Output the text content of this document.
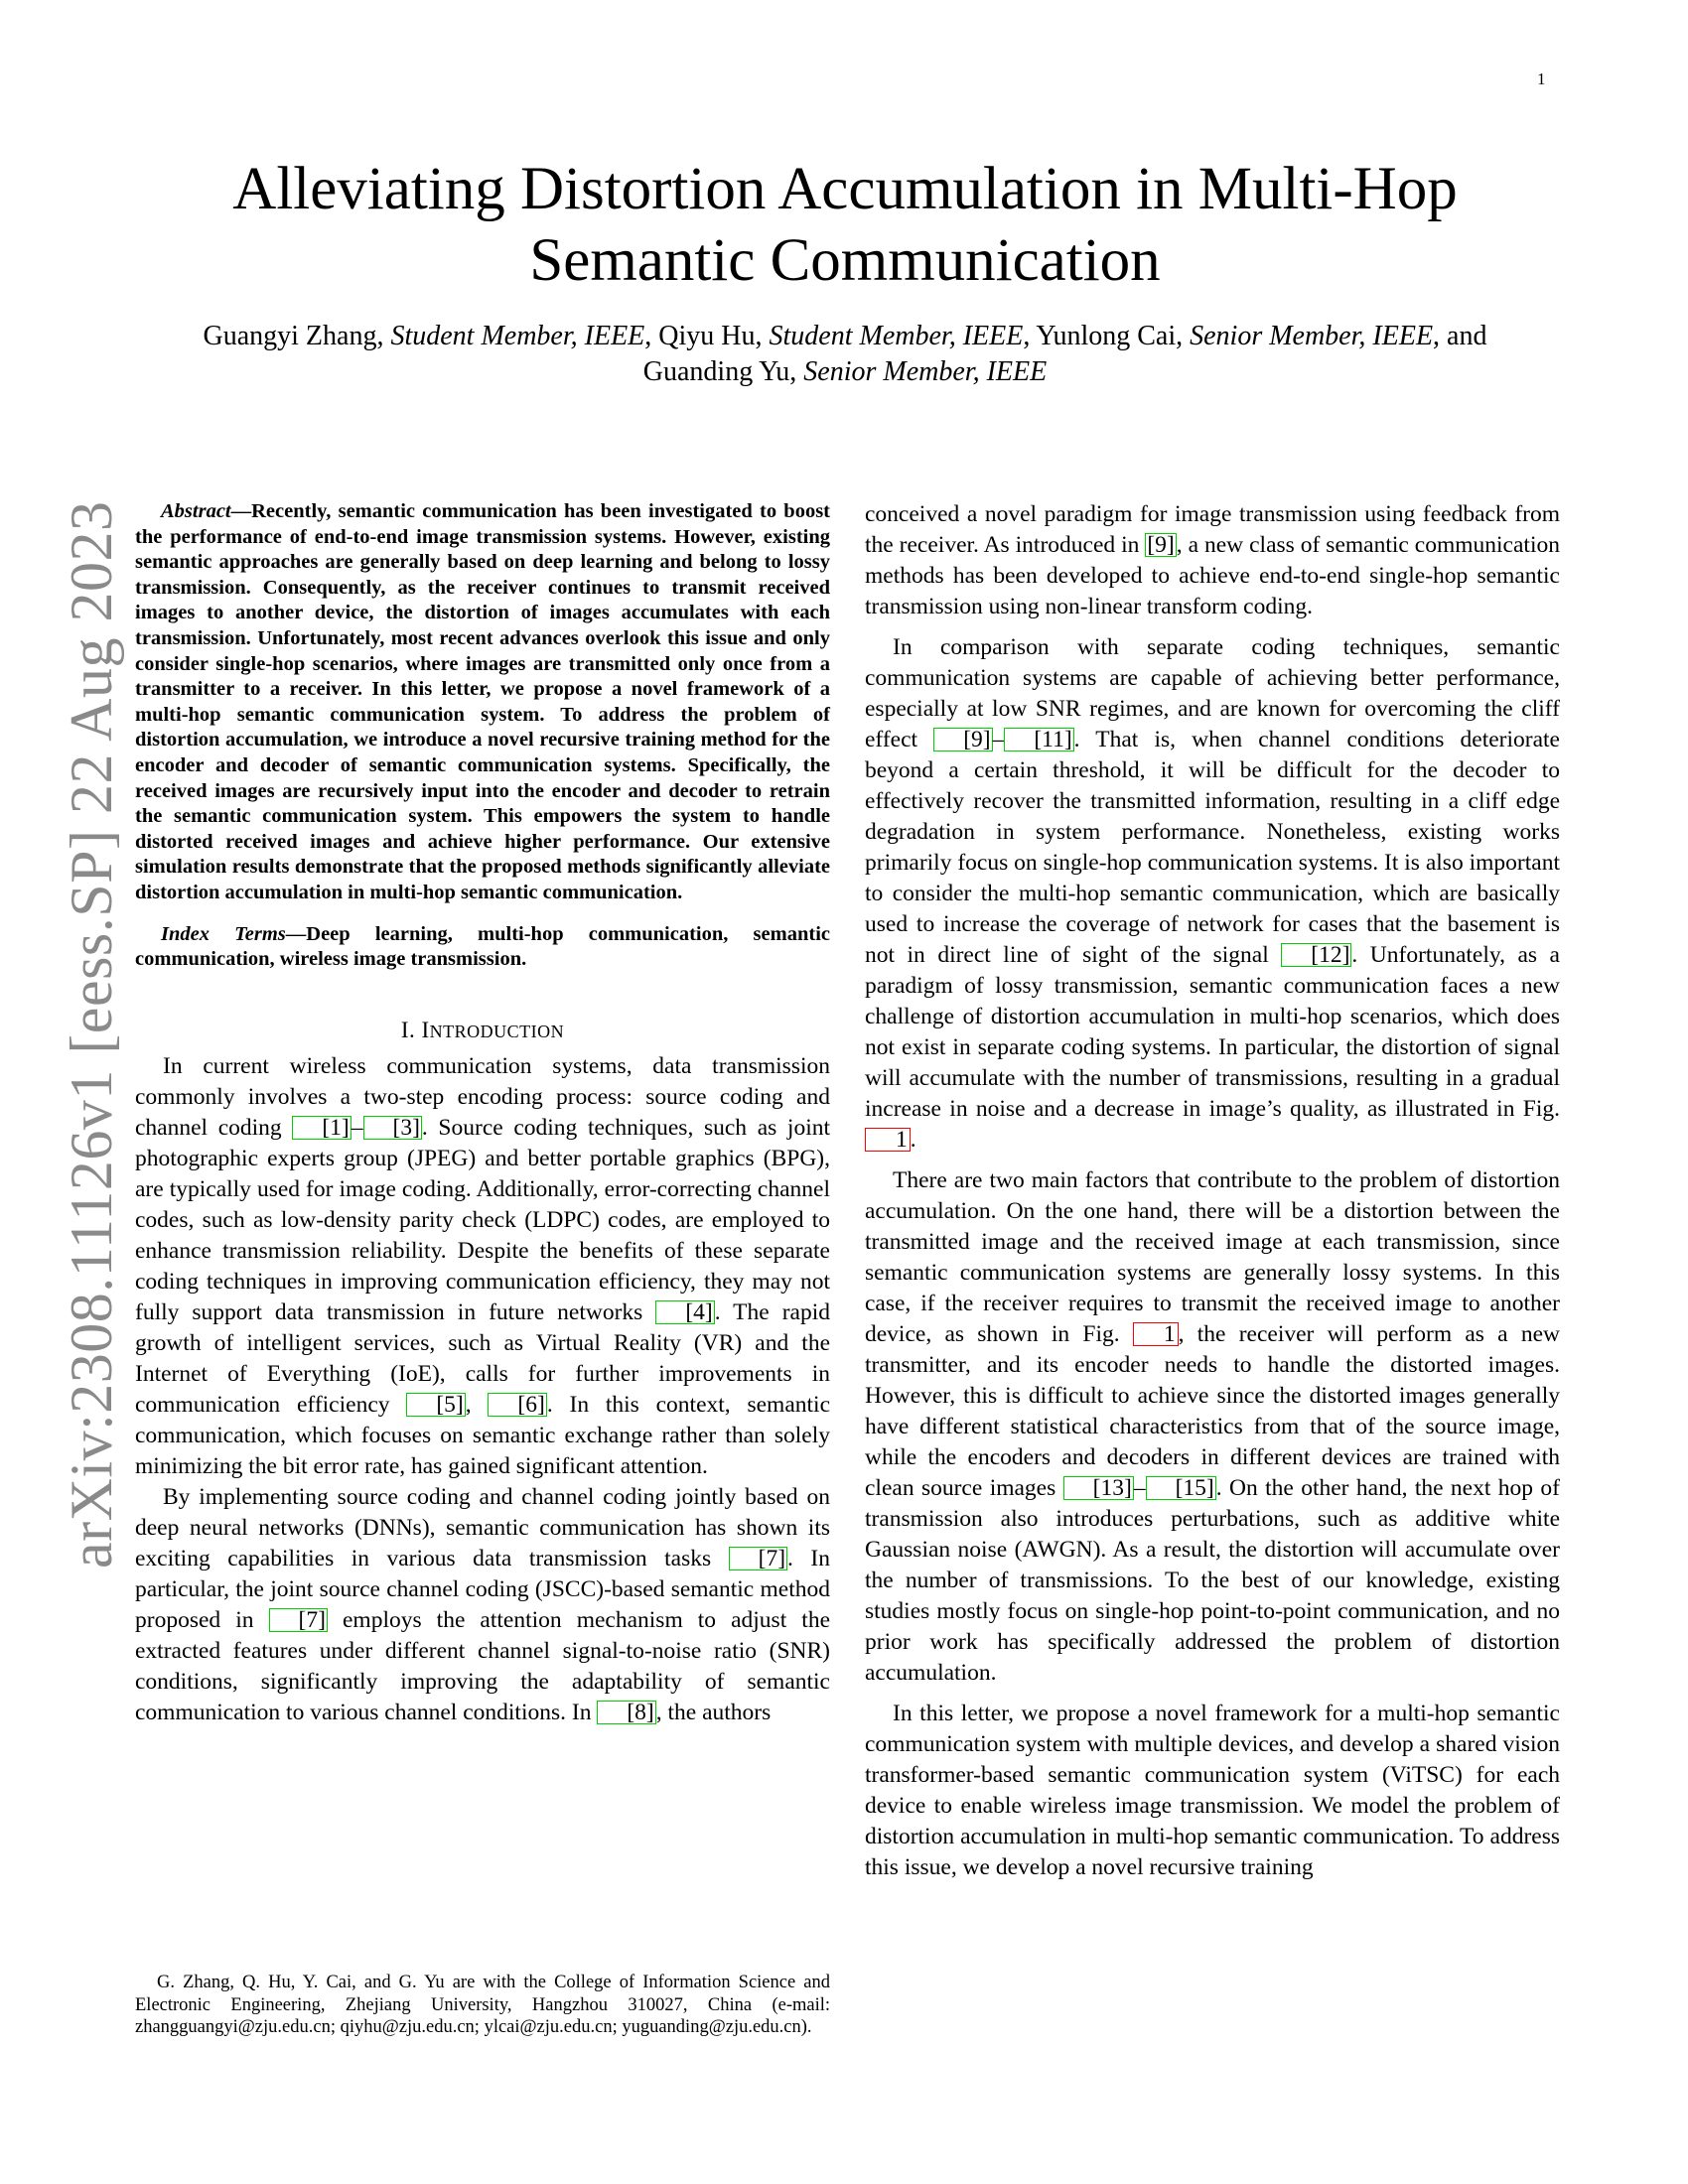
1
arXiv:2308.11126v1 [eess.SP] 22 Aug 2023
Alleviating Distortion Accumulation in Multi-Hop
Semantic Communication
Guangyi Zhang, Student Member, IEEE, Qiyu Hu, Student Member, IEEE, Yunlong Cai, Senior Member, IEEE, and Guanding Yu, Senior Member, IEEE

Abstract—Recently, semantic communication has been investigated to boost the performance of end-to-end image transmission systems. However, existing semantic approaches are generally based on deep learning and belong to lossy transmission. Consequently, as the receiver continues to transmit received images to another device, the distortion of images accumulates with each transmission. Unfortunately, most recent advances overlook this issue and only consider single-hop scenarios, where images are transmitted only once from a transmitter to a receiver. In this letter, we propose a novel framework of a multi-hop semantic communication system. To address the problem of distortion accumulation, we introduce a novel recursive training method for the encoder and decoder of semantic communication systems. Specifically, the received images are recursively input into the encoder and decoder to retrain the semantic communication system. This empowers the system to handle distorted received images and achieve higher performance. Our extensive simulation results demonstrate that the proposed methods significantly alleviate distortion accumulation in multi-hop semantic communication.

Index Terms—Deep learning, multi-hop communication, semantic communication, wireless image transmission.

I. INTRODUCTION

In current wireless communication systems, data transmission commonly involves a two-step encoding process: source coding and channel coding [1]– [3]. Source coding techniques, such as joint photographic experts group (JPEG) and better portable graphics (BPG), are typically used for image coding. Additionally, error-correcting channel codes, such as low-density parity check (LDPC) codes, are employed to enhance transmission reliability. Despite the benefits of these separate coding techniques in improving communication efficiency, they may not fully support data transmission in future networks [4]. The rapid growth of intelligent services, such as Virtual Reality (VR) and the Internet of Everything (IoE), calls for further improvements in communication efficiency [5], [6]. In this context, semantic communication, which focuses on semantic exchange rather than solely minimizing the bit error rate, has gained significant attention.

By implementing source coding and channel coding jointly based on deep neural networks (DNNs), semantic communication has shown its exciting capabilities in various data transmission tasks [7]. In particular, the joint source channel coding (JSCC)-based semantic method proposed in [7] employs the attention mechanism to adjust the extracted features under different channel signal-to-noise ratio (SNR) conditions, significantly improving the adaptability of semantic communication to various channel conditions. In [8], the authors

conceived a novel paradigm for image transmission using feedback from the receiver. As introduced in [9], a new class of semantic communication methods has been developed to achieve end-to-end single-hop semantic transmission using non-linear transform coding.

In comparison with separate coding techniques, semantic communication systems are capable of achieving better performance, especially at low SNR regimes, and are known for overcoming the cliff effect [9]– [11]. That is, when channel conditions deteriorate beyond a certain threshold, it will be difficult for the decoder to effectively recover the transmitted information, resulting in a cliff edge degradation in system performance. Nonetheless, existing works primarily focus on single-hop communication systems. It is also important to consider the multi-hop semantic communication, which are basically used to increase the coverage of network for cases that the basement is not in direct line of sight of the signal [12]. Unfortunately, as a paradigm of lossy transmission, semantic communication faces a new challenge of distortion accumulation in multi-hop scenarios, which does not exist in separate coding systems. In particular, the distortion of signal will accumulate with the number of transmissions, resulting in a gradual increase in noise and a decrease in image’s quality, as illustrated in Fig. 1 .

There are two main factors that contribute to the problem of distortion accumulation. On the one hand, there will be a distortion between the transmitted image and the received image at each transmission, since semantic communication systems are generally lossy systems. In this case, if the receiver requires to transmit the received image to another device, as shown in Fig. 1 , the receiver will perform as a new transmitter, and its encoder needs to handle the distorted images. However, this is difficult to achieve since the distorted images generally have different statistical characteristics from that of the source image, while the encoders and decoders in different devices are trained with clean source images [13]– [15]. On the other hand, the next hop of transmission also introduces perturbations, such as additive white Gaussian noise (AWGN). As a result, the distortion will accumulate over the number of transmissions. To the best of our knowledge, existing studies mostly focus on single-hop point-to-point communication, and no prior work has specifically addressed the problem of distortion accumulation.

In this letter, we propose a novel framework for a multi-hop semantic communication system with multiple devices, and develop a shared vision transformer-based semantic communication system (ViTSC) for each device to enable wireless image transmission. We model the problem of distortion accumulation in multi-hop semantic communication. To address this issue, we develop a novel recursive training

G. Zhang, Q. Hu, Y. Cai, and G. Yu are with the College of Information Science and Electronic Engineering, Zhejiang University, Hangzhou 310027, China (e-mail: zhangguangyi@zju.edu.cn; qiyhu@zju.edu.cn; ylcai@zju.edu.cn; yuguanding@zju.edu.cn).
